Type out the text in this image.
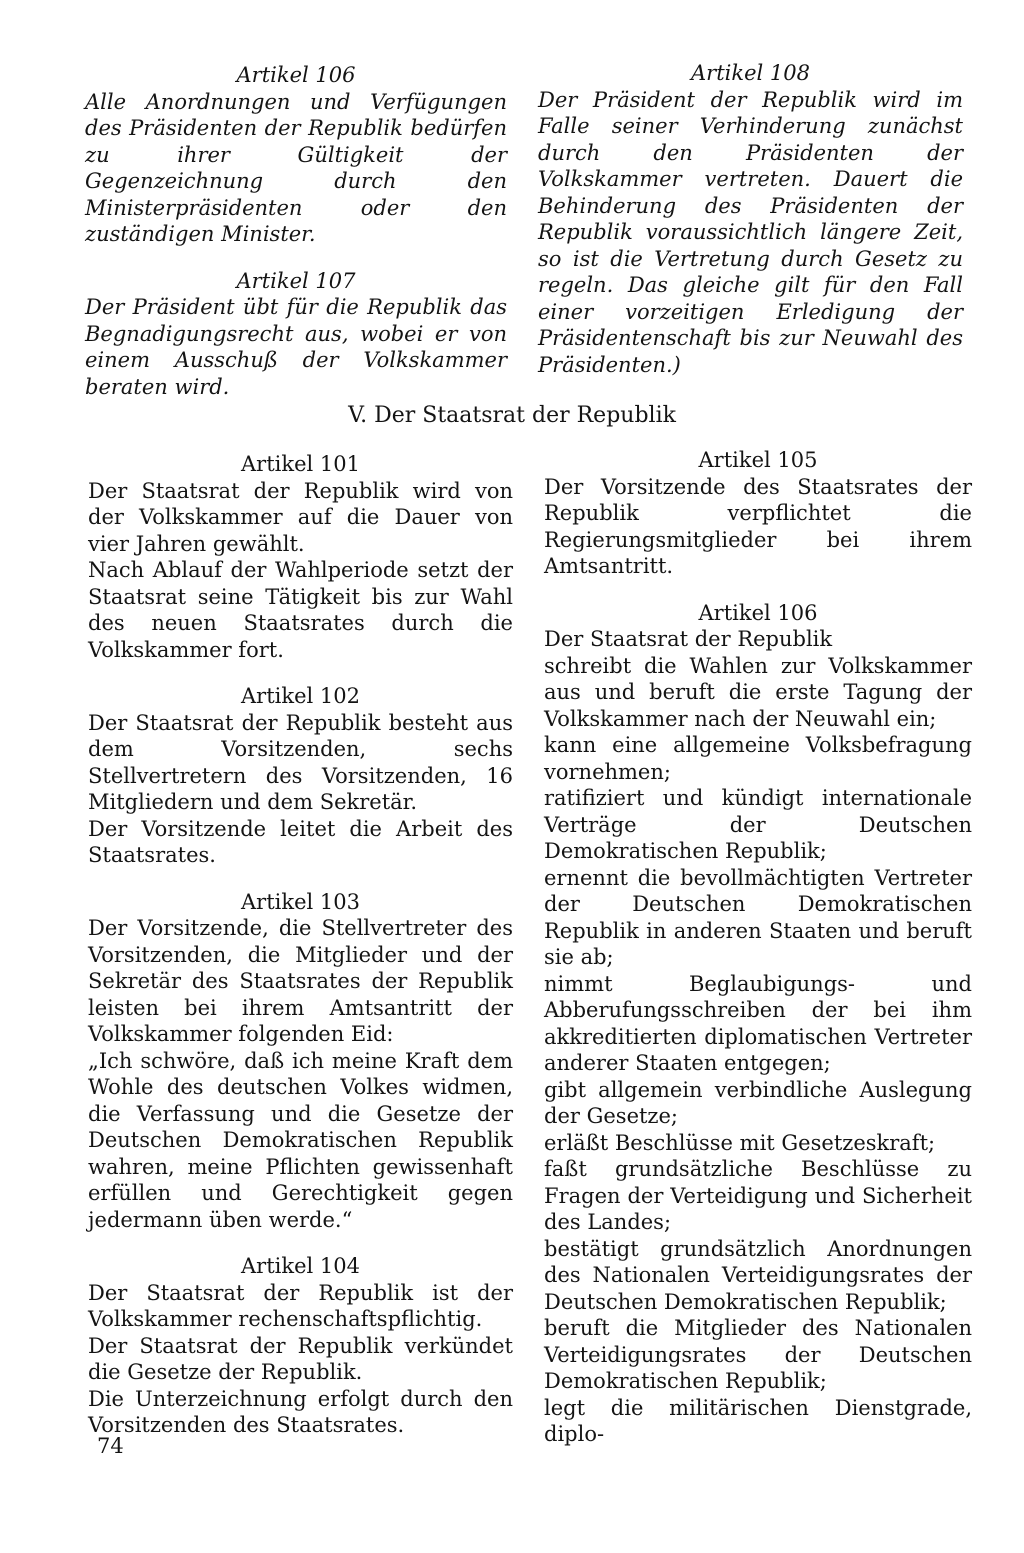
Artikel 106

Alle Anordnungen und Verfügungen des Präsidenten der Republik bedürfen zu ihrer Gültigkeit der Gegenzeichnung durch den Ministerpräsidenten oder den zuständigen Minister.

Artikel 107

Der Präsident übt für die Republik das Begnadigungsrecht aus, wobei er von einem Ausschuß der Volkskammer beraten wird.

Artikel 108

Der Präsident der Republik wird im Falle seiner Verhinderung zunächst durch den Präsidenten der Volkskammer vertreten. Dauert die Behinderung des Präsidenten der Republik voraussichtlich längere Zeit, so ist die Vertretung durch Gesetz zu regeln. Das gleiche gilt für den Fall einer vorzeitigen Erledigung der Präsidentenschaft bis zur Neuwahl des Präsidenten.)

V. Der Staatsrat der Republik

Artikel 101

Der Staatsrat der Republik wird von der Volkskammer auf die Dauer von vier Jahren gewählt.

Nach Ablauf der Wahlperiode setzt der Staatsrat seine Tätigkeit bis zur Wahl des neuen Staatsrates durch die Volkskammer fort.

Artikel 102

Der Staatsrat der Republik besteht aus dem Vorsitzenden, sechs Stellvertretern des Vorsitzenden, 16 Mitgliedern und dem Sekretär.

Der Vorsitzende leitet die Arbeit des Staatsrates.

Artikel 103

Der Vorsitzende, die Stellvertreter des Vorsitzenden, die Mitglieder und der Sekretär des Staatsrates der Republik leisten bei ihrem Amtsantritt der Volkskammer folgenden Eid:

„Ich schwöre, daß ich meine Kraft dem Wohle des deutschen Volkes widmen, die Verfassung und die Gesetze der Deutschen Demokratischen Republik wahren, meine Pflichten gewissenhaft erfüllen und Gerechtigkeit gegen jedermann üben werde.“

Artikel 104

Der Staatsrat der Republik ist der Volkskammer rechenschaftspflichtig.

Der Staatsrat der Republik verkündet die Gesetze der Republik.

Die Unterzeichnung erfolgt durch den Vorsitzenden des Staatsrates.

Artikel 105

Der Vorsitzende des Staatsrates der Republik verpflichtet die Regierungsmitglieder bei ihrem Amtsantritt.

Artikel 106

Der Staatsrat der Republik

schreibt die Wahlen zur Volkskammer aus und beruft die erste Tagung der Volkskammer nach der Neuwahl ein;

kann eine allgemeine Volksbefragung vornehmen;

ratifiziert und kündigt internationale Verträge der Deutschen Demokratischen Republik;

ernennt die bevollmächtigten Vertreter der Deutschen Demokratischen Republik in anderen Staaten und beruft sie ab;

nimmt Beglaubigungs- und Abberufungsschreiben der bei ihm akkreditierten diplomatischen Vertreter anderer Staaten entgegen;

gibt allgemein verbindliche Auslegung der Gesetze;

erläßt Beschlüsse mit Gesetzeskraft;

faßt grundsätzliche Beschlüsse zu Fragen der Verteidigung und Sicherheit des Landes;

bestätigt grundsätzlich Anordnungen des Nationalen Verteidigungsrates der Deutschen Demokratischen Republik;

beruft die Mitglieder des Nationalen Verteidigungsrates der Deutschen Demokratischen Republik;

legt die militärischen Dienstgrade, diplo-

74
